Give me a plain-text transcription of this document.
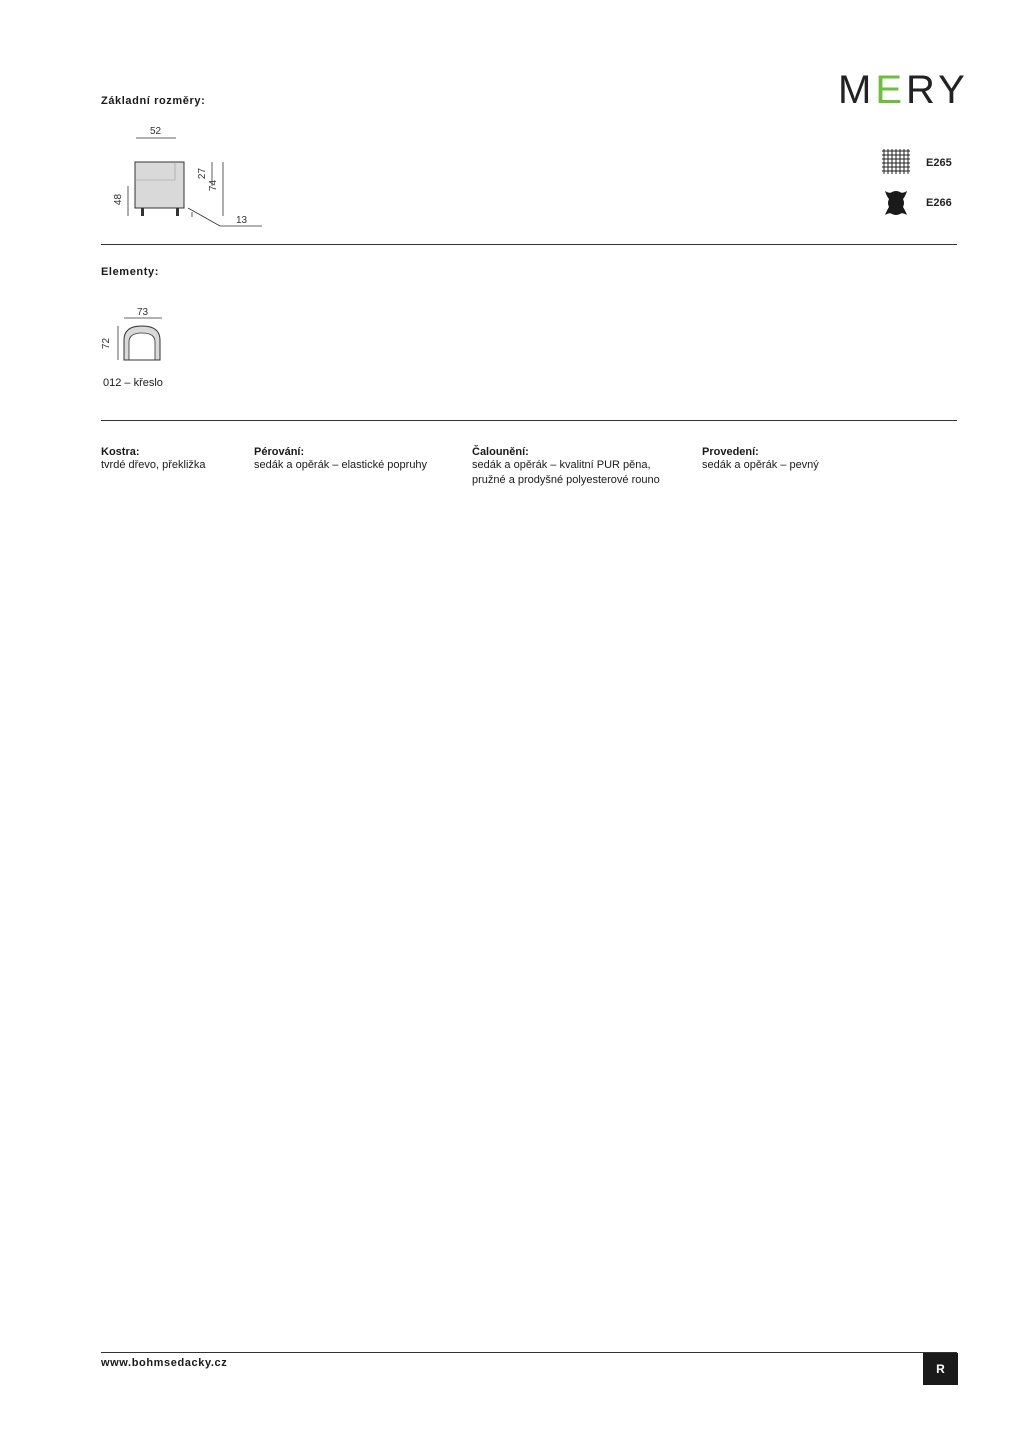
MERY
Základní rozměry:
52
48
27
74
13
E265
E266
Elementy:
73
72
012 – křeslo
Kostra:
tvrdé dřevo, překližka
Pérování:
sedák a opěrák – elastické popruhy
Čalounění:
sedák a opěrák – kvalitní PUR pěna,
pružné a prodyšné polyesterové rouno
Provedení:
sedák a opěrák – pevný
www.bohmsedacky.cz	R
